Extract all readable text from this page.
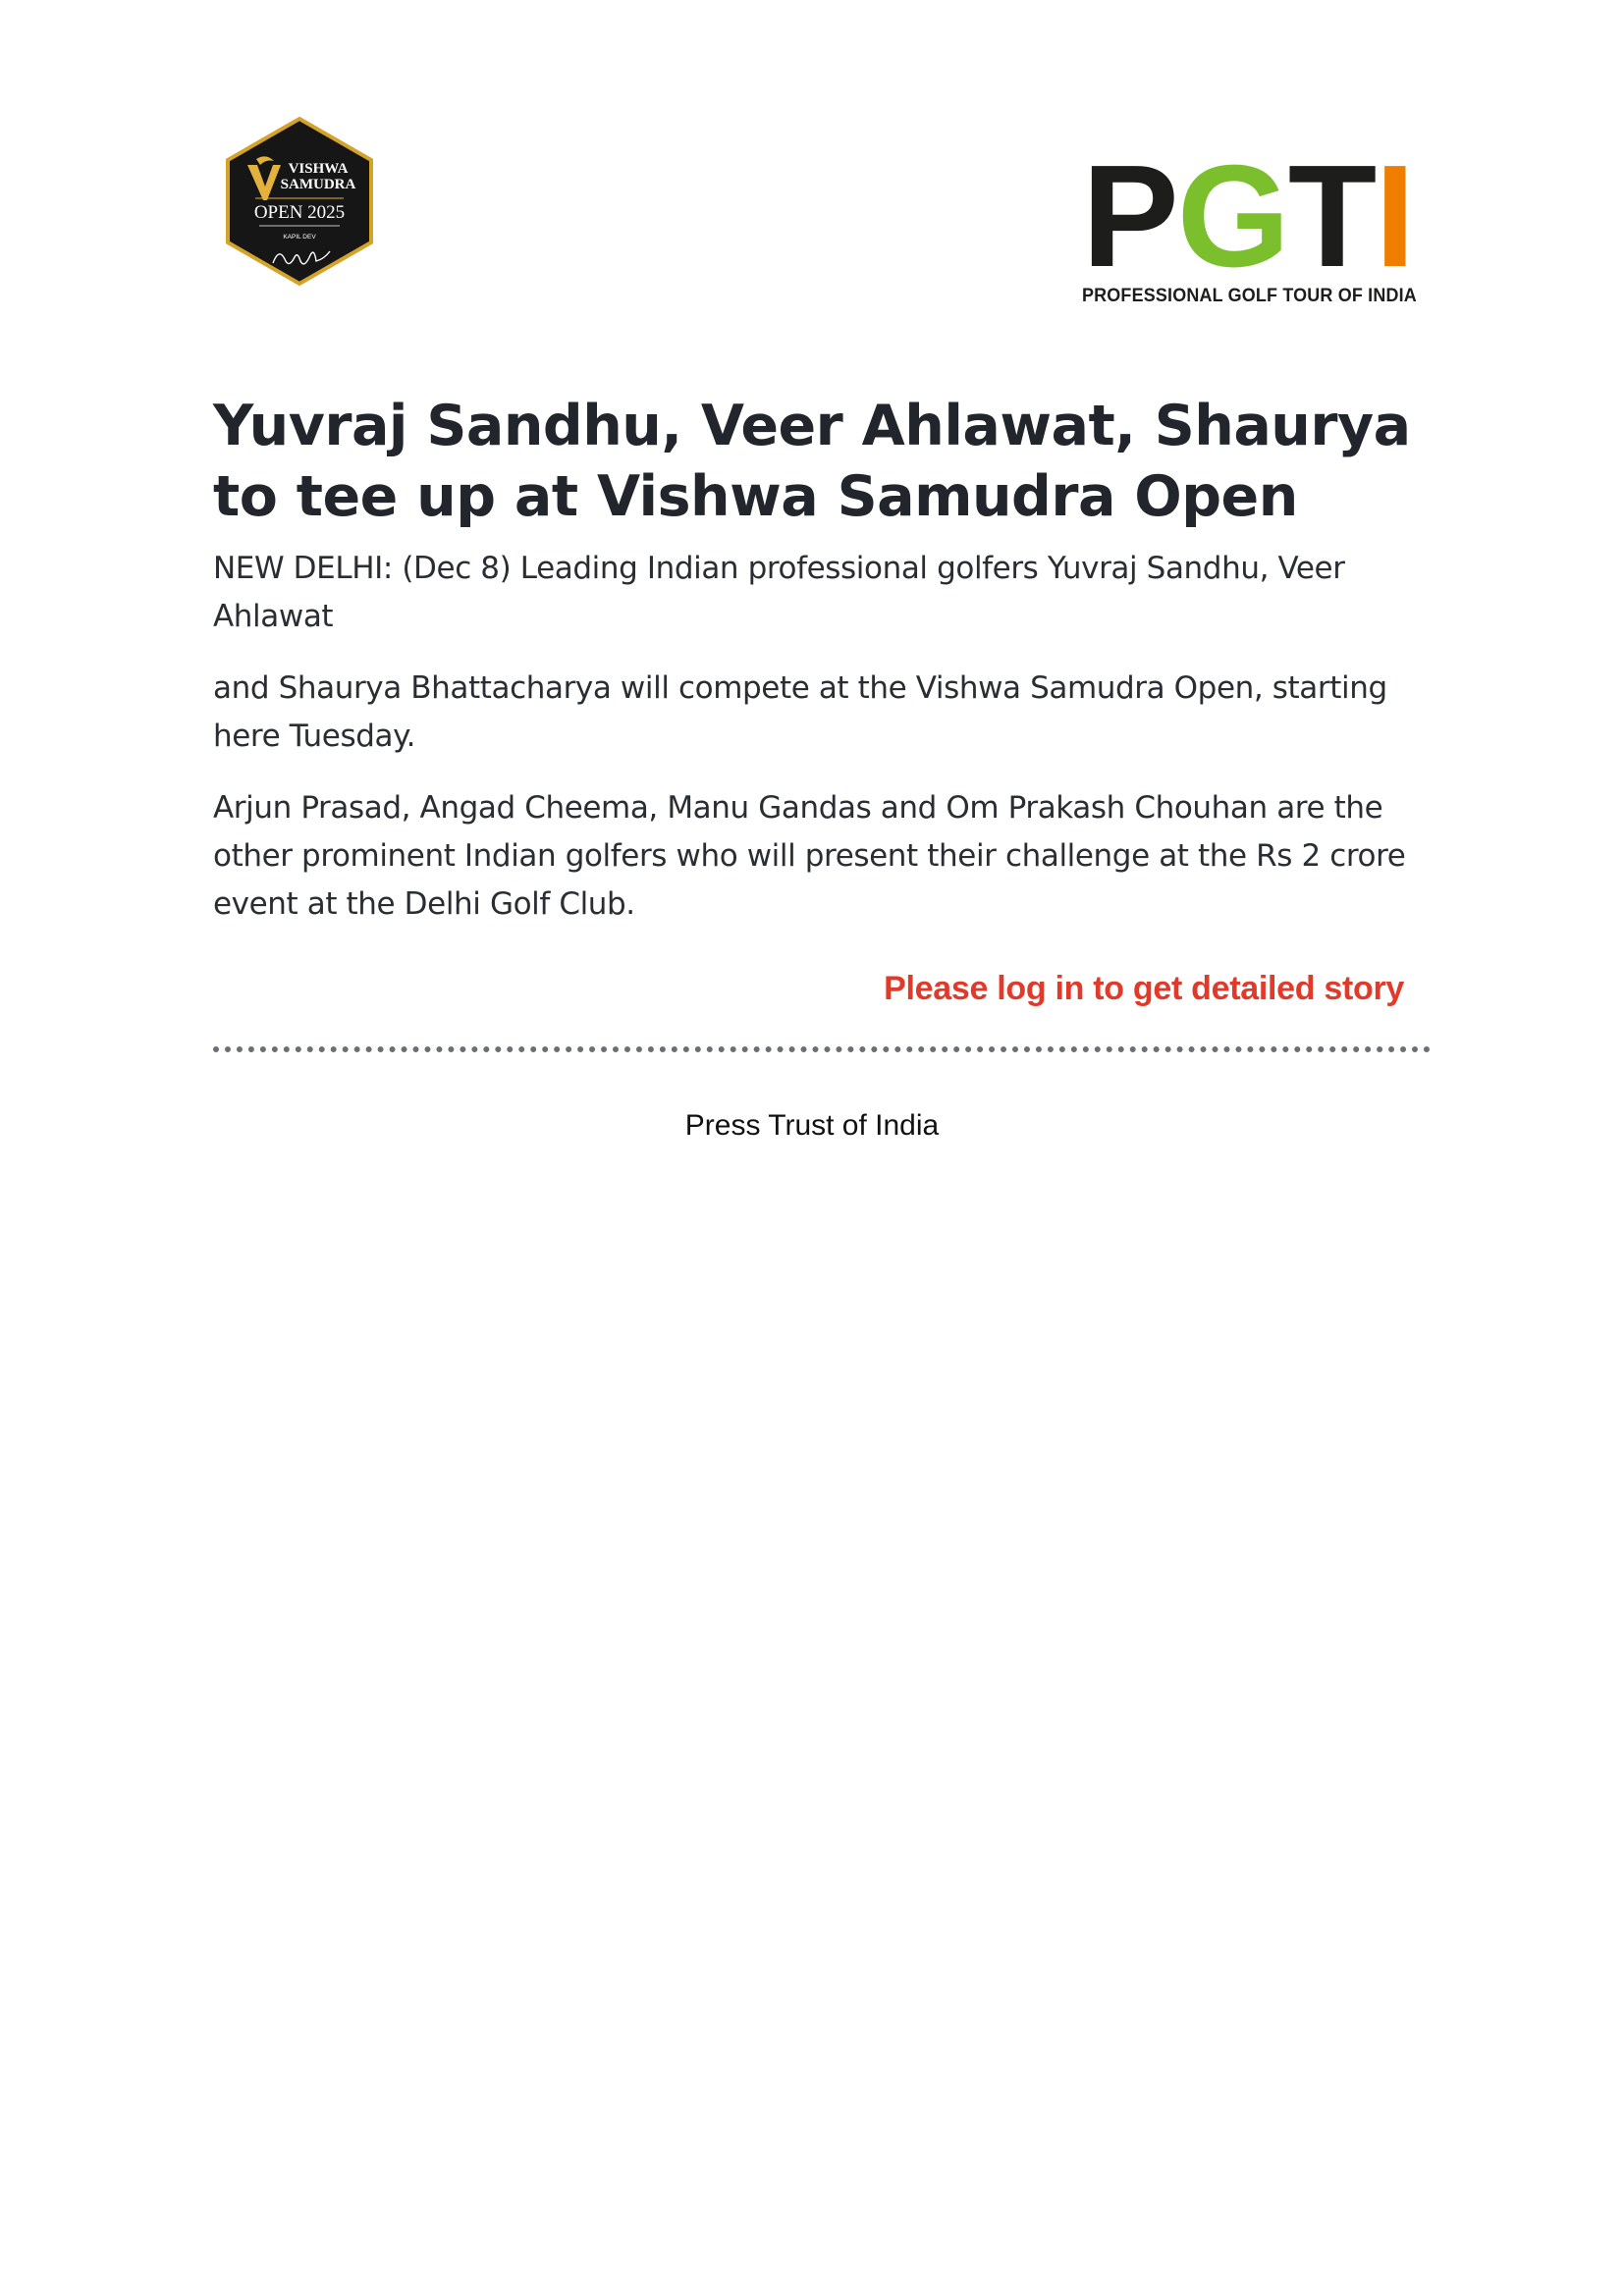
VISHWA
SAMUDRA
OPEN 2025
KAPIL DEV	P G T I
PROFESSIONAL GOLF TOUR OF INDIA
Yuvraj Sandhu, Veer Ahlawat, Shaurya to tee up at Vishwa Samudra Open

NEW DELHI: (Dec 8) Leading Indian professional golfers Yuvraj Sandhu, Veer Ahlawat

and Shaurya Bhattacharya will compete at the Vishwa Samudra Open, starting here Tuesday.

Arjun Prasad, Angad Cheema, Manu Gandas and Om Prakash Chouhan are the other prominent Indian golfers who will present their challenge at the Rs 2 crore event at the Delhi Golf Club.

Please log in to get detailed story
Press Trust of India
